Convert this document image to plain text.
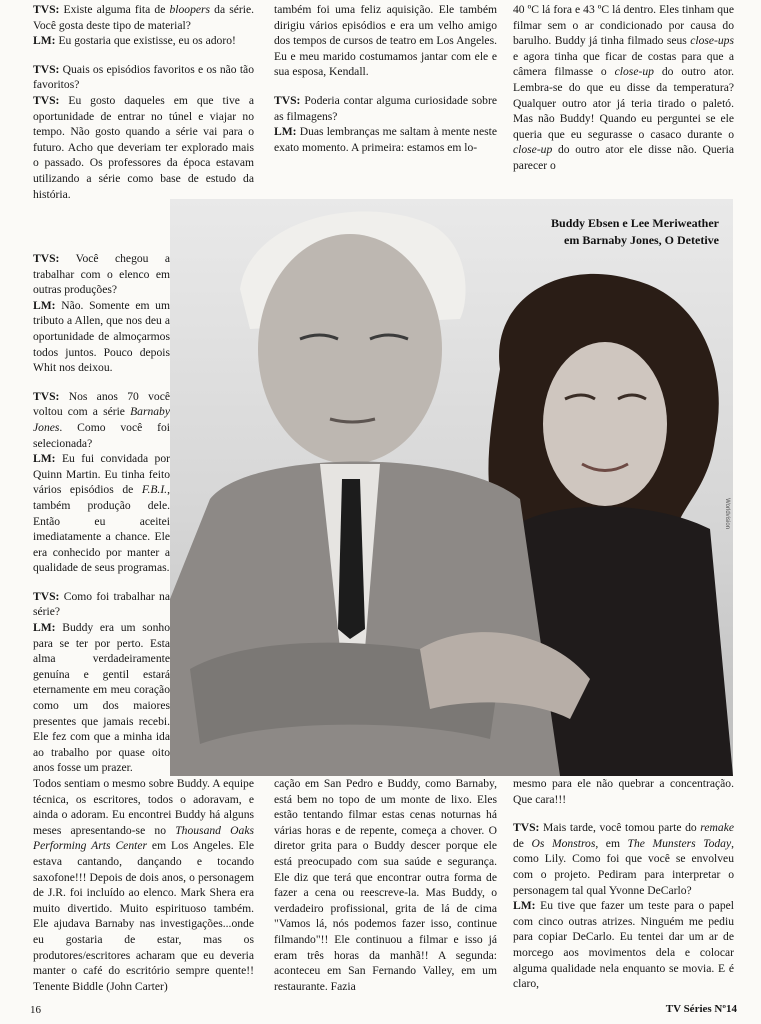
TVS: Existe alguma fita de bloopers da série. Você gosta deste tipo de material?
LM: Eu gostaria que existisse, eu os adoro!

TVS: Quais os episódios favoritos e os não tão favoritos?
TVS: Eu gosto daqueles em que tive a oportunidade de entrar no túnel e viajar no tempo. Não gosto quando a série vai para o futuro. Acho que deveriam ter explorado mais o passado. Os professores da época estavam utilizando a série como base de estudo da história.

também foi uma feliz aquisição. Ele também dirigiu vários episódios e era um velho amigo dos tempos de cursos de teatro em Los Angeles. Eu e meu marido costumamos jantar com ele e sua esposa, Kendall.

TVS: Poderia contar alguma curiosidade sobre as filmagens?
LM: Duas lembranças me saltam à mente neste exato momento. A primeira: estamos em lo-

40 ºC lá fora e 43 ºC lá dentro. Eles tinham que filmar sem o ar condicionado por causa do barulho. Buddy já tinha filmado seus close-ups e agora tinha que ficar de costas para que a câmera filmasse o close-up do outro ator. Lembra-se do que eu disse da temperatura? Qualquer outro ator já teria tirado o paletó. Mas não Buddy! Quando eu perguntei se ele queria que eu segurasse o casaco durante o close-up do outro ator ele disse não. Queria parecer o

TVS: Você chegou a trabalhar com o elenco em outras produções?
LM: Não. Somente em um tributo a Allen, que nos deu a oportunidade de almoçarmos todos juntos. Pouco depois Whit nos deixou.

TVS: Nos anos 70 você voltou com a série Barnaby Jones. Como você foi selecionada?
LM: Eu fui convidada por Quinn Martin. Eu tinha feito vários episódios de F.B.I., também produção dele. Então eu aceitei imediatamente a chance. Ele era conhecido por manter a qualidade de seus programas.

TVS: Como foi trabalhar na série?
LM: Buddy era um sonho para se ter por perto. Esta alma verdadeiramente genuína e gentil estará eternamente em meu coração como um dos maiores presentes que jamais recebi. Ele fez com que a minha ida ao trabalho por quase oito anos fosse um prazer.

Buddy Ebsen e Lee Meriweather
em Barnaby Jones, O Detetive
Worldvision

Todos sentiam o mesmo sobre Buddy. A equipe técnica, os escritores, todos o adoravam, e ainda o adoram. Eu encontrei Buddy há alguns meses apresentando-se no Thousand Oaks Performing Arts Center em Los Angeles. Ele estava cantando, dançando e tocando saxofone!!! Depois de dois anos, o personagem de J.R. foi incluído ao elenco. Mark Shera era muito divertido. Muito espirituoso também. Ele ajudava Barnaby nas investigações...onde eu gostaria de estar, mas os produtores/escritores acharam que eu deveria manter o café do escritório sempre quente!! Tenente Biddle (John Carter)

cação em San Pedro e Buddy, como Barnaby, está bem no topo de um monte de lixo. Eles estão tentando filmar estas cenas noturnas há várias horas e de repente, começa a chover. O diretor grita para o Buddy descer porque ele está preocupado com sua saúde e segurança. Ele diz que terá que encontrar outra forma de fazer a cena ou reescreve-la. Mas Buddy, o verdadeiro profissional, grita de lá de cima "Vamos lá, nós podemos fazer isso, continue filmando"!! Ele continuou a filmar e isso já eram três horas da manhã!! A segunda: aconteceu em San Fernando Valley, em um restaurante. Fazia

mesmo para ele não quebrar a concentração. Que cara!!!

TVS: Mais tarde, você tomou parte do remake de Os Monstros, em The Munsters Today, como Lily. Como foi que você se envolveu com o projeto. Pediram para interpretar o personagem tal qual Yvonne DeCarlo?
LM: Eu tive que fazer um teste para o papel com cinco outras atrizes. Ninguém me pediu para copiar DeCarlo. Eu tentei dar um ar de morcego aos movimentos dela e colocar alguma qualidade nela enquanto se movia. E é claro,

16	TV Séries Nº14
